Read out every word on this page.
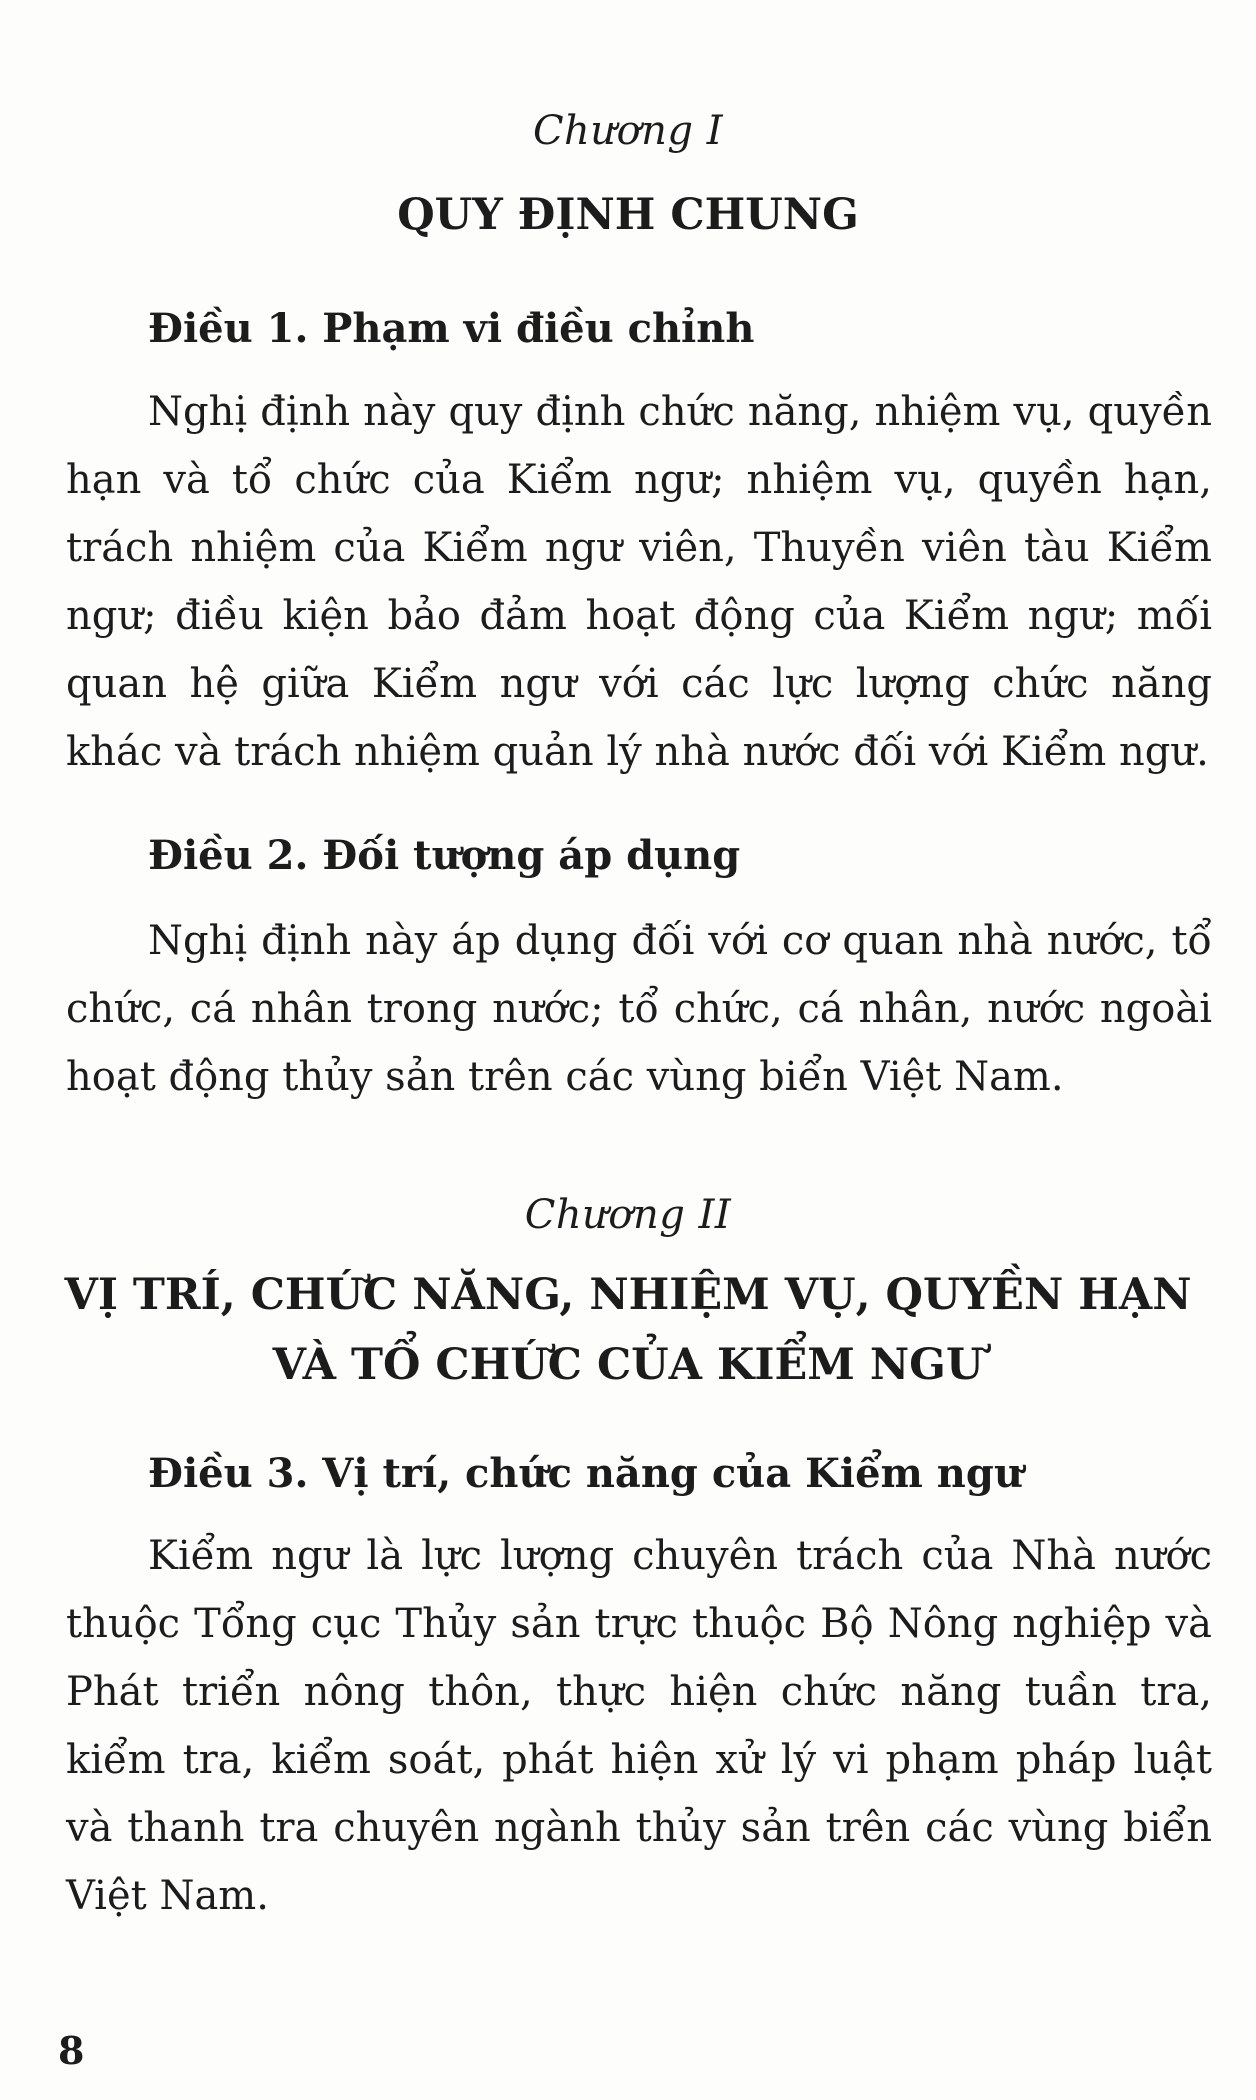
Chương I
QUY ĐỊNH CHUNG
Điều 1. Phạm vi điều chỉnh

Nghị định này quy định chức năng, nhiệm vụ, quyền hạn và tổ chức của Kiểm ngư; nhiệm vụ, quyền hạn, trách nhiệm của Kiểm ngư viên, Thuyền viên tàu Kiểm ngư; điều kiện bảo đảm hoạt động của Kiểm ngư; mối quan hệ giữa Kiểm ngư với các lực lượng chức năng khác và trách nhiệm quản lý nhà nước đối với Kiểm ngư.

Điều 2. Đối tượng áp dụng

Nghị định này áp dụng đối với cơ quan nhà nước, tổ chức, cá nhân trong nước; tổ chức, cá nhân, nước ngoài hoạt động thủy sản trên các vùng biển Việt Nam.

Chương II
VỊ TRÍ, CHỨC NĂNG, NHIỆM VỤ, QUYỀN HẠN
VÀ TỔ CHỨC CỦA KIỂM NGƯ
Điều 3. Vị trí, chức năng của Kiểm ngư

Kiểm ngư là lực lượng chuyên trách của Nhà nước thuộc Tổng cục Thủy sản trực thuộc Bộ Nông nghiệp và Phát triển nông thôn, thực hiện chức năng tuần tra, kiểm tra, kiểm soát, phát hiện xử lý vi phạm pháp luật và thanh tra chuyên ngành thủy sản trên các vùng biển Việt Nam.

8
